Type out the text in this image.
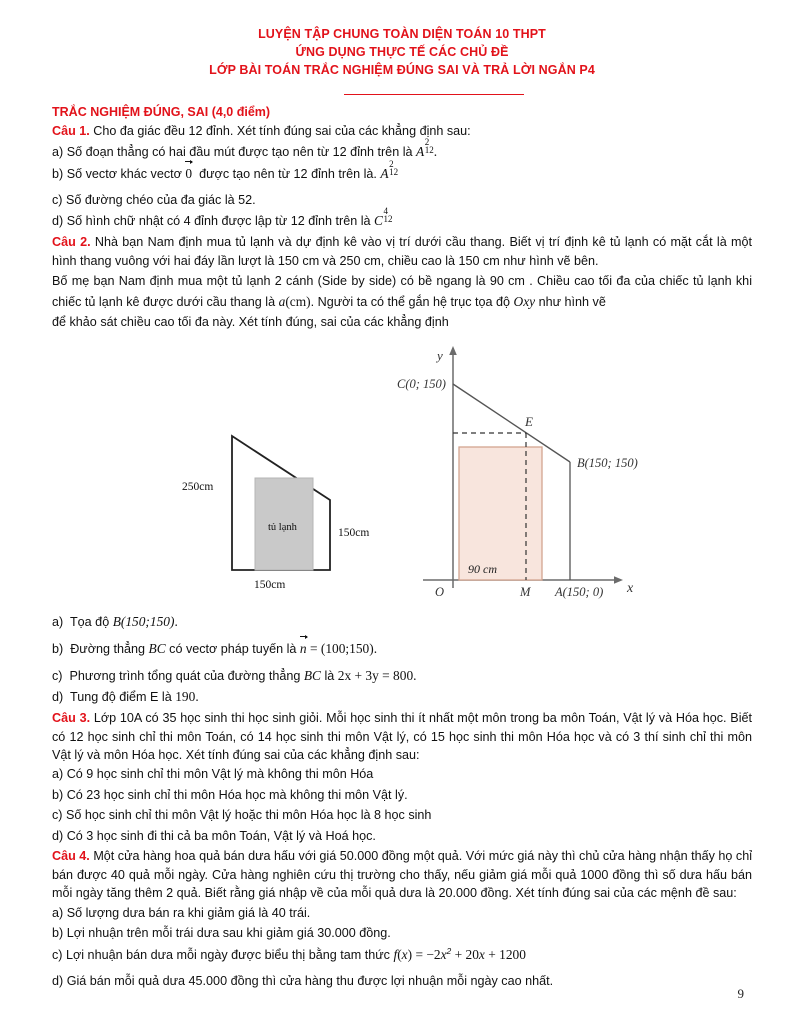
LUYỆN TẬP CHUNG TOÀN DIỆN TOÁN 10 THPT
ỨNG DỤNG THỰC TẾ CÁC CHỦ ĐỀ
LỚP BÀI TOÁN TRẮC NGHIỆM ĐÚNG SAI VÀ TRẢ LỜI NGẮN P4
TRẮC NGHIỆM ĐÚNG, SAI (4,0 điểm)

Câu 1. Cho đa giác đều 12 đỉnh. Xét tính đúng sai của các khẳng định sau:

a) Số đoạn thẳng có hai đầu mút được tạo nên từ 12 đỉnh trên là A
2
12 .

b) Số vectơ khác vectơ 0  được tạo nên từ 12 đỉnh trên là. A
2
12

c) Số đường chéo của đa giác là 52.

d) Số hình chữ nhật có 4 đỉnh được lập từ 12 đỉnh trên là C
4
12

Câu 2. Nhà bạn Nam định mua tủ lạnh và dự định kê vào vị trí dưới cầu thang. Biết vị trí định kê tủ lạnh có mặt cắt là một hình thang vuông với hai đáy lần lượt là 150 cm và 250 cm, chiều cao là 150 cm như hình vẽ bên.

Bố mẹ bạn Nam định mua một tủ lạnh 2 cánh (Side by side) có bề ngang là 90 cm . Chiều cao tối đa của chiếc tủ lạnh khi chiếc tủ lạnh kê được dưới cầu thang là a(cm). Người ta có thể gắn hệ trục tọa độ Oxy như hình vẽ

để khảo sát chiều cao tối đa này. Xét tính đúng, sai của các khẳng định

250cm
tủ lạnh	150cm
150cm
y
x
O
90 cm
C(0; 150)
B(150; 150)
A(150; 0)
E
M

a) Tọa độ B(150;150).

b) Đường thẳng BC có vectơ pháp tuyến là n = (100;150).

c) Phương trình tổng quát của đường thẳng BC là 2x + 3y = 800.

d) Tung độ điểm E là 190.

Câu 3. Lớp 10A có 35 học sinh thi học sinh giỏi. Mỗi học sinh thi ít nhất một môn trong ba môn Toán, Vật lý và Hóa học. Biết có 12 học sinh chỉ thi môn Toán, có 14 học sinh thi môn Vật lý, có 15 học sinh thi môn Hóa học và có 3 thí sinh chỉ thi môn Vật lý và môn Hóa học. Xét tính đúng sai của các khẳng định sau:

a) Có 9 học sinh chỉ thi môn Vật lý mà không thi môn Hóa

b) Có 23 học sinh chỉ thi môn Hóa học mà không thi môn Vật lý.

c) Số học sinh chỉ thi môn Vật lý hoặc thi môn Hóa học là 8 học sinh

d) Có 3 học sinh đi thi cả ba môn Toán, Vật lý và Hoá học.

Câu 4. Một cửa hàng hoa quả bán dưa hấu với giá 50.000 đồng một quả. Với mức giá này thì chủ cửa hàng nhận thấy họ chỉ bán được 40 quả mỗi ngày. Cửa hàng nghiên cứu thị trường cho thấy, nếu giảm giá mỗi quả 1000 đồng thì số dưa hấu bán mỗi ngày tăng thêm 2 quả. Biết rằng giá nhập về của mỗi quả dưa là 20.000 đồng. Xét tính đúng sai của các mệnh đề sau:

a) Số lượng dưa bán ra khi giảm giá là 40 trái.

b) Lợi nhuận trên mỗi trái dưa sau khi giảm giá 30.000 đồng.

c) Lợi nhuận bán dưa mỗi ngày được biểu thị bằng tam thức $f(x) = -2x^2 + 20x + 1200$

d) Giá bán mỗi quả dưa 45.000 đồng thì cửa hàng thu được lợi nhuận mỗi ngày cao nhất.

9
